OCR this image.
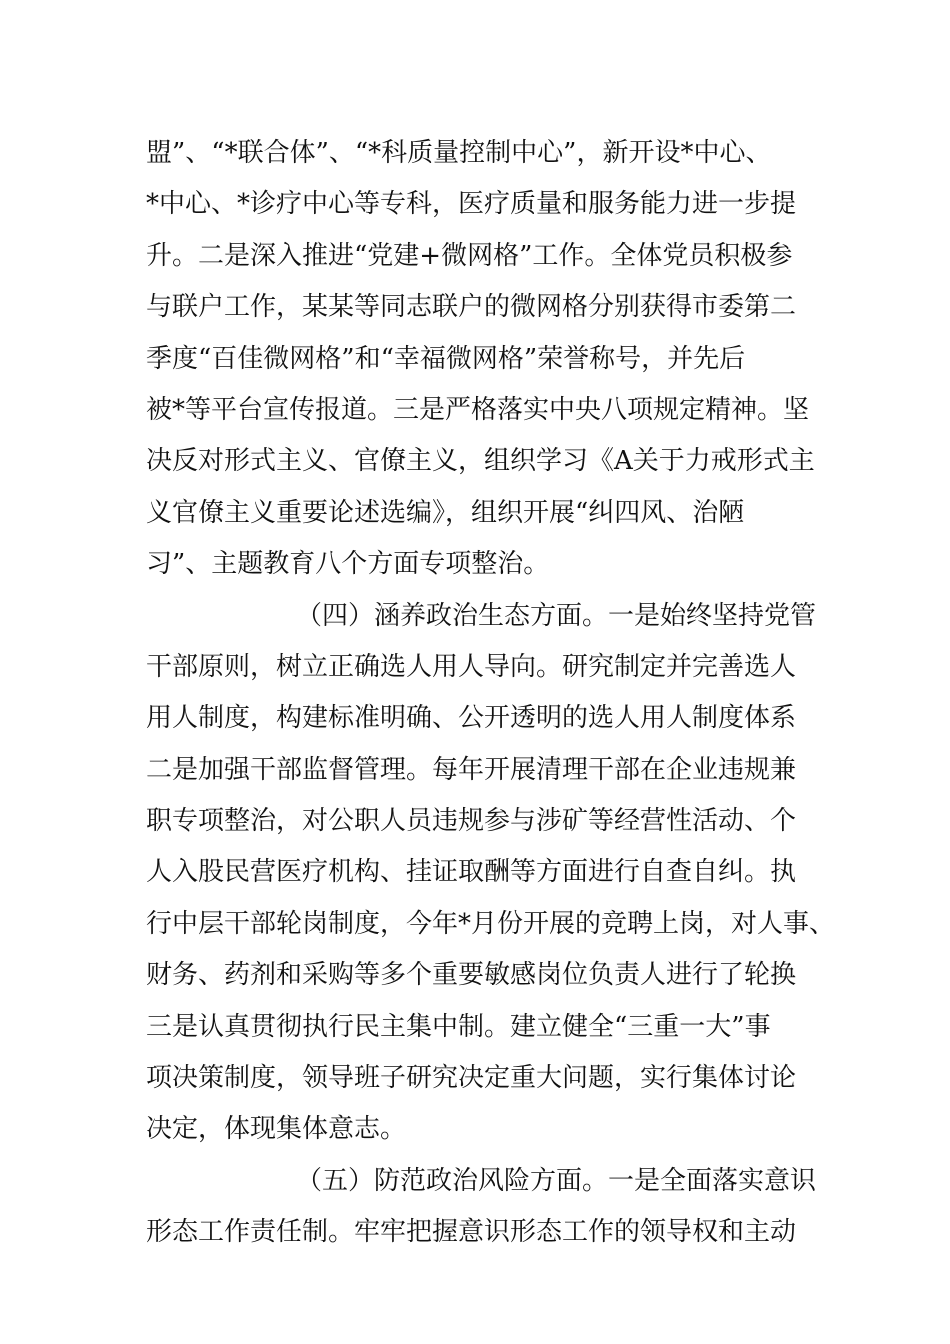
盟”、“*联合体”、“*科质量控制中心”，新开设*中心、
*中心、*诊疗中心等专科，医疗质量和服务能力进一步提
升。二是深入推进“党建+微网格”工作。全体党员积极参
与联户工作，某某等同志联户的微网格分别获得市委第二
季度“百佳微网格”和“幸福微网格”荣誉称号，并先后
被*等平台宣传报道。三是严格落实中央八项规定精神。坚
决反对形式主义、官僚主义，组织学习《A关于力戒形式主
义官僚主义重要论述选编》，组织开展“纠四风、治陋
习”、主题教育八个方面专项整治。
（四）涵养政治生态方面。一是始终坚持党管
干部原则，树立正确选人用人导向。研究制定并完善选人
用人制度，构建标准明确、公开透明的选人用人制度体系
二是加强干部监督管理。每年开展清理干部在企业违规兼
职专项整治，对公职人员违规参与涉矿等经营性活动、个
人入股民营医疗机构、挂证取酬等方面进行自查自纠。执
行中层干部轮岗制度，今年*月份开展的竞聘上岗，对人事、
财务、药剂和采购等多个重要敏感岗位负责人进行了轮换
三是认真贯彻执行民主集中制。建立健全“三重一大”事
项决策制度，领导班子研究决定重大问题，实行集体讨论
决定，体现集体意志。
（五）防范政治风险方面。一是全面落实意识
形态工作责任制。牢牢把握意识形态工作的领导权和主动
